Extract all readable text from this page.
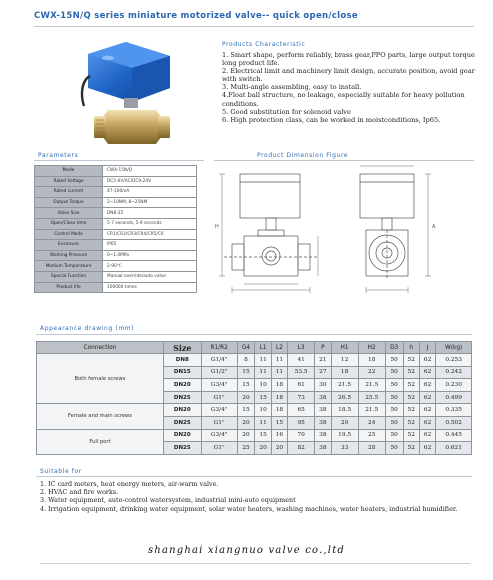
CWX-15N/Q series miniature motorized valve-- quick open/close
Products Characteristic
1. Smart shape, perform reliably, brass gear,PPO parts, large output torque long product life.
2. Electrical limit and machinery limit design, accurate position, avoid gear with switch.
3. Multi-angle assembling, easy to install.
4.Float ball structure, no leakage, especially suitable for heavy pollution conditions.
5. Good substitution for solenoid valve
6. High protection class, can be worked in moistconditions, Ip65.
Parameters
Mode	CWX-15N/Q
Rated Voltage	DC5-6V/AC/DC9-24V
Rated current	47-100mA
Output Torque	2~10NM, 8~25NM
Valve Size	DN8-25
Open/Close time	5-7 seconds, 5-8 seconds
Control Mode	CR1/CR2/CR3/CR4/CR5/C6
Enclosure	IP65
Working Pressure	0~1.0MPa
Medium Temperature	2-90℃
Special Function	Manual override/auto valve
Product life	100000 times
Product Dimension Figure
H	A
Appearance drawing (mm)
Connection	Size	R1/R2	G4	L1	L2	L3	P	H1	H2	D3	h	J	W(kg)
Both female screws	DN8	G1/4"	8	11	11	41	21	12	18	50	52	62	0.253
	DN15	G1/2"	15	11	11	53.5	27	18	22	50	52	62	0.242
	DN20	G3/4"	15	10	18	61	30	21.5	21.5	50	52	62	0.230
	DN25	G1"	20	15	18	73	38	26.5	25.5	50	52	62	0.499
Female and main screws	DN20	G3/4"	15	10	18	65	38	18.5	21.5	50	52	62	0.335
	DN25	G1"	20	11	15	95	38	20	24	50	52	62	0.502
Full port	DN20	G3/4"	20	15	16	70	38	19.5	25	50	52	62	0.445
	DN25	G1"	25	20	20	82	38	33	28	50	52	62	0.621
Suitable for
1. IC card meters, heat energy meters, air-warm valve.
2. HVAC and fire works.
3. Water equipment, auto-control watersystem, industrial mini-auto equipment
4. Irrigation equipment, drinking water equipment, solar water heaters, washing machines, water heaters, industrial humidifier.
shanghai xiangnuo valve co.,ltd
